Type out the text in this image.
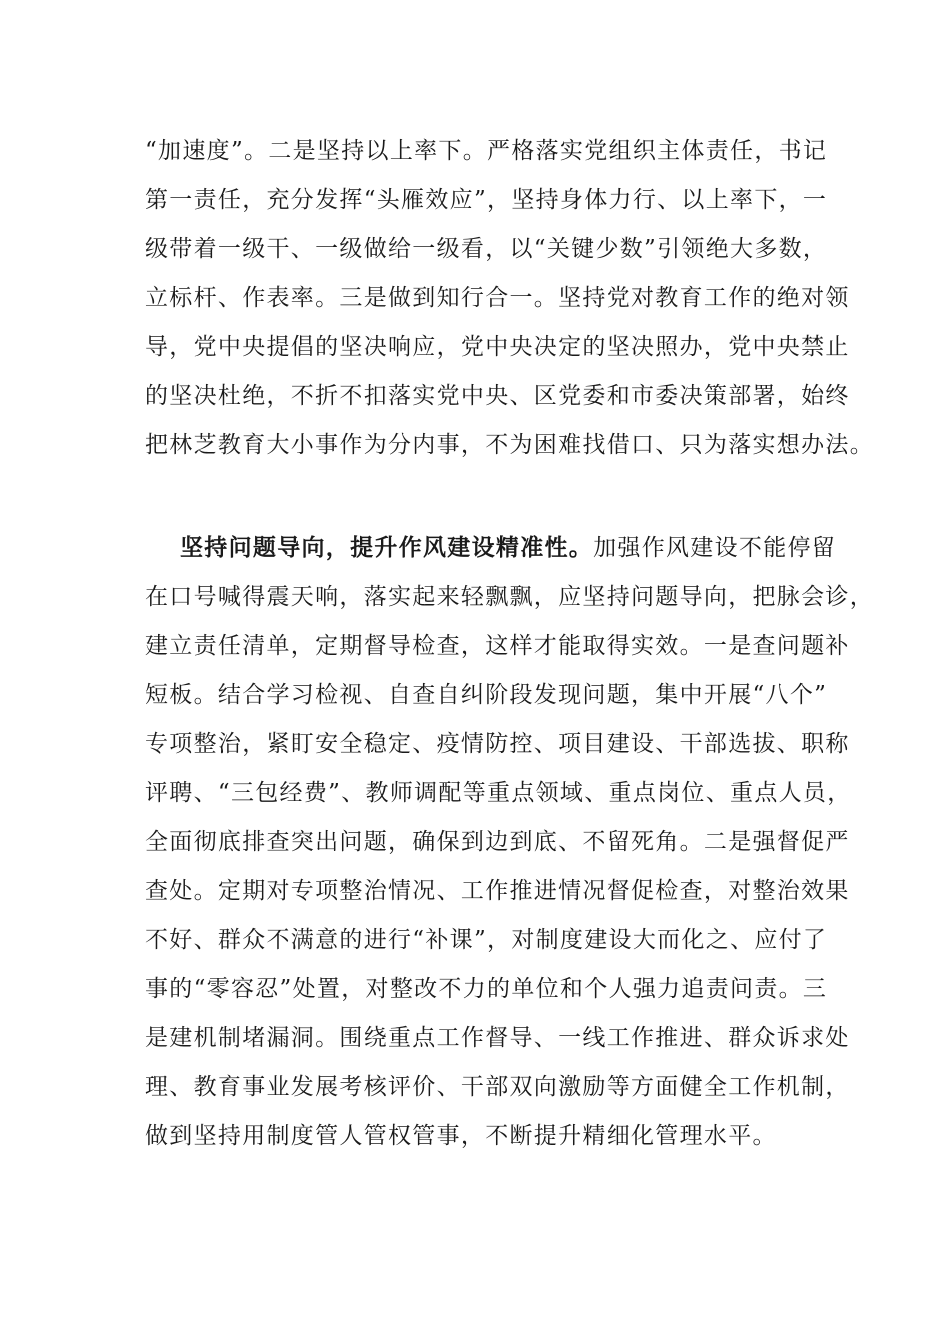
“加速度”。二是坚持以上率下。严格落实党组织主体责任，书记
第一责任，充分发挥“头雁效应”，坚持身体力行、以上率下，一
级带着一级干、一级做给一级看，以“关键少数”引领绝大多数，
立标杆、作表率。三是做到知行合一。坚持党对教育工作的绝对领
导，党中央提倡的坚决响应，党中央决定的坚决照办，党中央禁止
的坚决杜绝，不折不扣落实党中央、区党委和市委决策部署，始终
把林芝教育大小事作为分内事，不为困难找借口、只为落实想办法。
坚持问题导向，提升作风建设精准性。加强作风建设不能停留
在口号喊得震天响，落实起来轻飘飘，应坚持问题导向，把脉会诊，
建立责任清单，定期督导检查，这样才能取得实效。一是查问题补
短板。结合学习检视、自查自纠阶段发现问题，集中开展“八个”
专项整治，紧盯安全稳定、疫情防控、项目建设、干部选拔、职称
评聘、“三包经费”、教师调配等重点领域、重点岗位、重点人员，
全面彻底排查突出问题，确保到边到底、不留死角。二是强督促严
查处。定期对专项整治情况、工作推进情况督促检查，对整治效果
不好、群众不满意的进行“补课”，对制度建设大而化之、应付了
事的“零容忍”处置，对整改不力的单位和个人强力追责问责。三
是建机制堵漏洞。围绕重点工作督导、一线工作推进、群众诉求处
理、教育事业发展考核评价、干部双向激励等方面健全工作机制，
做到坚持用制度管人管权管事，不断提升精细化管理水平。
